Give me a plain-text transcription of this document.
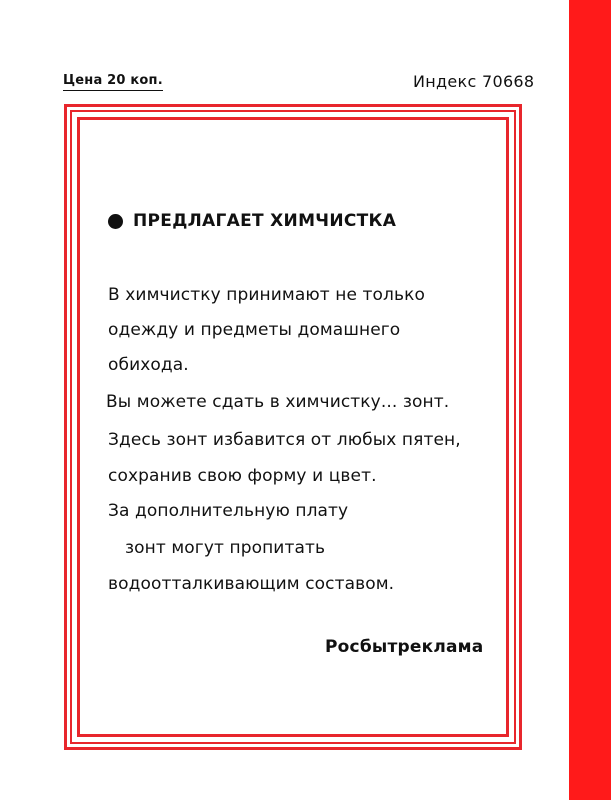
Цена 20 коп.	Индекс 70668
ПРЕДЛАГАЕТ ХИМЧИСТКА
В химчистку принимают не только
одежду и предметы домашнего
обихода.
Вы можете сдать в химчистку... зонт.
Здесь зонт избавится от любых пятен,
сохранив свою форму и цвет.
За дополнительную плату
зонт могут пропитать
водоотталкивающим составом.
Росбытреклама
